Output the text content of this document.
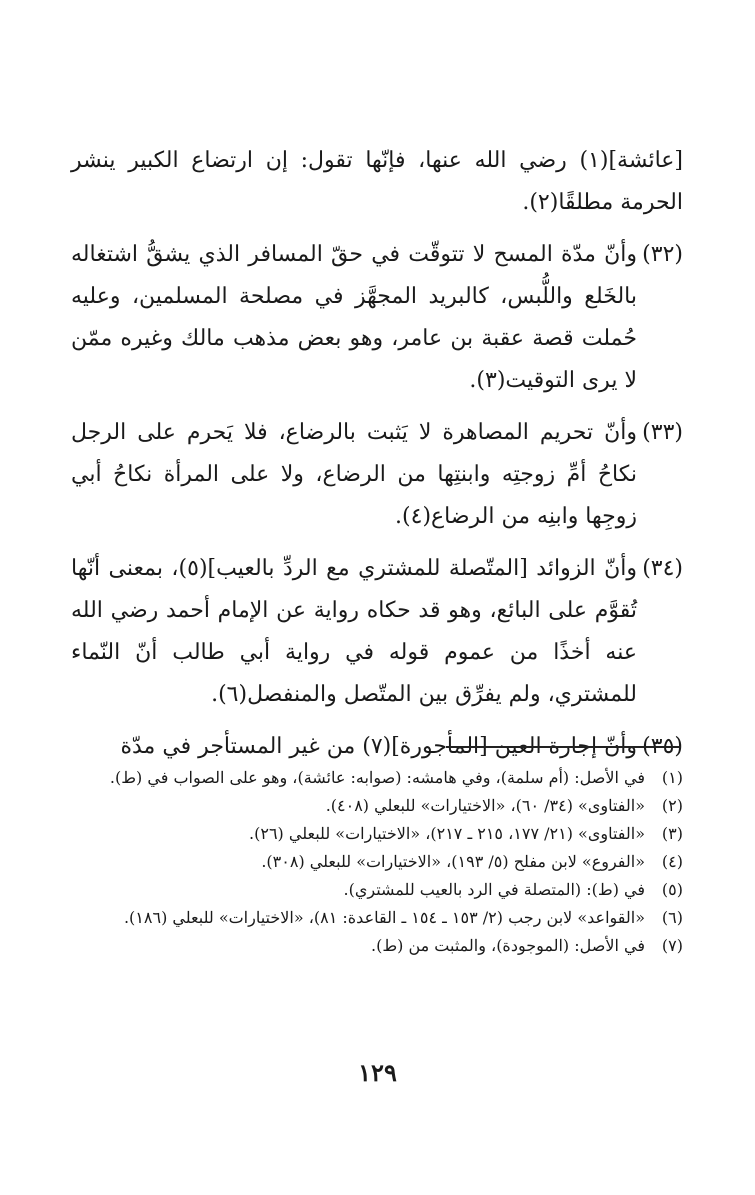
[عائشة](١) رضي الله عنها، فإنّها تقول: إن ارتضاع الكبير ينشر الحرمة مطلقًا(٢).

(٣٢)وأنّ مدّة المسح لا تتوقّت في حقّ المسافر الذي يشقُّ اشتغاله بالخَلع واللُّبس، كالبريد المجهَّز في مصلحة المسلمين، وعليه حُملت قصة عقبة بن عامر، وهو بعض مذهب مالك وغيره ممّن لا يرى التوقيت(٣).

(٣٣)وأنّ تحريم المصاهرة لا يَثبت بالرضاع، فلا يَحرم على الرجل نكاحُ أمِّ زوجتِه وابنتِها من الرضاع، ولا على المرأة نكاحُ أبي زوجِها وابنِه من الرضاع(٤).

(٣٤)وأنّ الزوائد [المتّصلة للمشتري مع الردِّ بالعيب](٥)، بمعنى أنّها تُقوَّم على البائع، وهو قد حكاه رواية عن الإمام أحمد رضي الله عنه أخذًا من عموم قوله في رواية أبي طالب أنّ النّماء للمشتري، ولم يفرِّق بين المتّصل والمنفصل(٦).

(٣٥)وأنّ إجارة العين [المأجورة](٧) من غير المستأجر في مدّة

(١)في الأصل: (أم سلمة)، وفي هامشه: (صوابه: عائشة)، وهو على الصواب في (ط).

(٢)«الفتاوى» (٣٤/ ٦٠)، «الاختيارات» للبعلي (٤٠٨).

(٣)«الفتاوى» (٢١/ ١٧٧، ٢١٥ ـ ٢١٧)، «الاختيارات» للبعلي (٢٦).

(٤)«الفروع» لابن مفلح (٥/ ١٩٣)، «الاختيارات» للبعلي (٣٠٨).

(٥)في (ط): (المتصلة في الرد بالعيب للمشتري).

(٦)«القواعد» لابن رجب (٢/ ١٥٣ ـ ١٥٤ ـ القاعدة: ٨١)، «الاختيارات» للبعلي (١٨٦).

(٧)في الأصل: (الموجودة)، والمثبت من (ط).

١٢٩
